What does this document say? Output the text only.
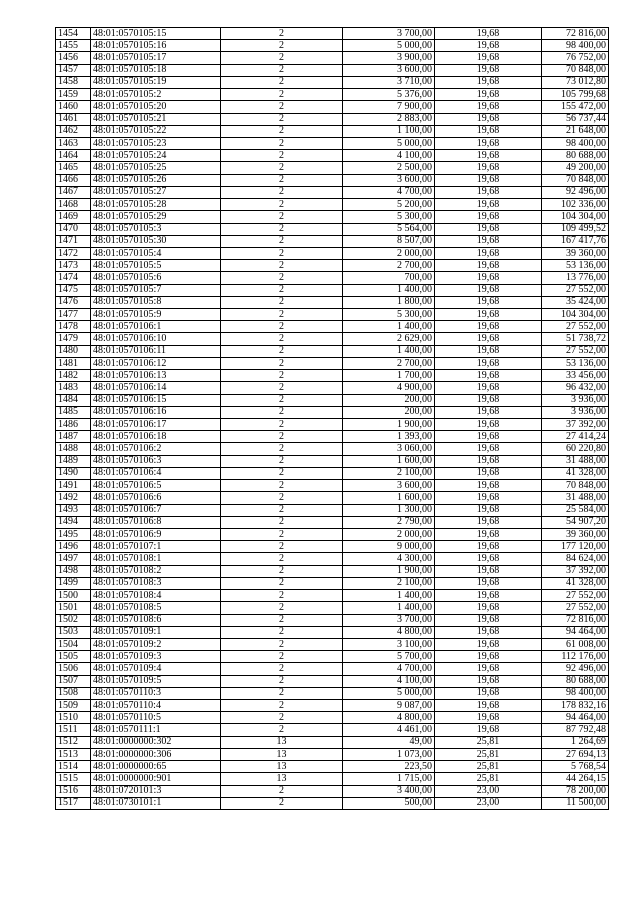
1454	48:01:0570105:15	2	3 700,00	19,68	72 816,00
1455	48:01:0570105:16	2	5 000,00	19,68	98 400,00
1456	48:01:0570105:17	2	3 900,00	19,68	76 752,00
1457	48:01:0570105:18	2	3 600,00	19,68	70 848,00
1458	48:01:0570105:19	2	3 710,00	19,68	73 012,80
1459	48:01:0570105:2	2	5 376,00	19,68	105 799,68
1460	48:01:0570105:20	2	7 900,00	19,68	155 472,00
1461	48:01:0570105:21	2	2 883,00	19,68	56 737,44
1462	48:01:0570105:22	2	1 100,00	19,68	21 648,00
1463	48:01:0570105:23	2	5 000,00	19,68	98 400,00
1464	48:01:0570105:24	2	4 100,00	19,68	80 688,00
1465	48:01:0570105:25	2	2 500,00	19,68	49 200,00
1466	48:01:0570105:26	2	3 600,00	19,68	70 848,00
1467	48:01:0570105:27	2	4 700,00	19,68	92 496,00
1468	48:01:0570105:28	2	5 200,00	19,68	102 336,00
1469	48:01:0570105:29	2	5 300,00	19,68	104 304,00
1470	48:01:0570105:3	2	5 564,00	19,68	109 499,52
1471	48:01:0570105:30	2	8 507,00	19,68	167 417,76
1472	48:01:0570105:4	2	2 000,00	19,68	39 360,00
1473	48:01:0570105:5	2	2 700,00	19,68	53 136,00
1474	48:01:0570105:6	2	700,00	19,68	13 776,00
1475	48:01:0570105:7	2	1 400,00	19,68	27 552,00
1476	48:01:0570105:8	2	1 800,00	19,68	35 424,00
1477	48:01:0570105:9	2	5 300,00	19,68	104 304,00
1478	48:01:0570106:1	2	1 400,00	19,68	27 552,00
1479	48:01:0570106:10	2	2 629,00	19,68	51 738,72
1480	48:01:0570106:11	2	1 400,00	19,68	27 552,00
1481	48:01:0570106:12	2	2 700,00	19,68	53 136,00
1482	48:01:0570106:13	2	1 700,00	19,68	33 456,00
1483	48:01:0570106:14	2	4 900,00	19,68	96 432,00
1484	48:01:0570106:15	2	200,00	19,68	3 936,00
1485	48:01:0570106:16	2	200,00	19,68	3 936,00
1486	48:01:0570106:17	2	1 900,00	19,68	37 392,00
1487	48:01:0570106:18	2	1 393,00	19,68	27 414,24
1488	48:01:0570106:2	2	3 060,00	19,68	60 220,80
1489	48:01:0570106:3	2	1 600,00	19,68	31 488,00
1490	48:01:0570106:4	2	2 100,00	19,68	41 328,00
1491	48:01:0570106:5	2	3 600,00	19,68	70 848,00
1492	48:01:0570106:6	2	1 600,00	19,68	31 488,00
1493	48:01:0570106:7	2	1 300,00	19,68	25 584,00
1494	48:01:0570106:8	2	2 790,00	19,68	54 907,20
1495	48:01:0570106:9	2	2 000,00	19,68	39 360,00
1496	48:01:0570107:1	2	9 000,00	19,68	177 120,00
1497	48:01:0570108:1	2	4 300,00	19,68	84 624,00
1498	48:01:0570108:2	2	1 900,00	19,68	37 392,00
1499	48:01:0570108:3	2	2 100,00	19,68	41 328,00
1500	48:01:0570108:4	2	1 400,00	19,68	27 552,00
1501	48:01:0570108:5	2	1 400,00	19,68	27 552,00
1502	48:01:0570108:6	2	3 700,00	19,68	72 816,00
1503	48:01:0570109:1	2	4 800,00	19,68	94 464,00
1504	48:01:0570109:2	2	3 100,00	19,68	61 008,00
1505	48:01:0570109:3	2	5 700,00	19,68	112 176,00
1506	48:01:0570109:4	2	4 700,00	19,68	92 496,00
1507	48:01:0570109:5	2	4 100,00	19,68	80 688,00
1508	48:01:0570110:3	2	5 000,00	19,68	98 400,00
1509	48:01:0570110:4	2	9 087,00	19,68	178 832,16
1510	48:01:0570110:5	2	4 800,00	19,68	94 464,00
1511	48:01:0570111:1	2	4 461,00	19,68	87 792,48
1512	48:01:0000000:302	13	49,00	25,81	1 264,69
1513	48:01:0000000:306	13	1 073,00	25,81	27 694,13
1514	48:01:0000000:65	13	223,50	25,81	5 768,54
1515	48:01:0000000:901	13	1 715,00	25,81	44 264,15
1516	48:01:0720101:3	2	3 400,00	23,00	78 200,00
1517	48:01:0730101:1	2	500,00	23,00	11 500,00
